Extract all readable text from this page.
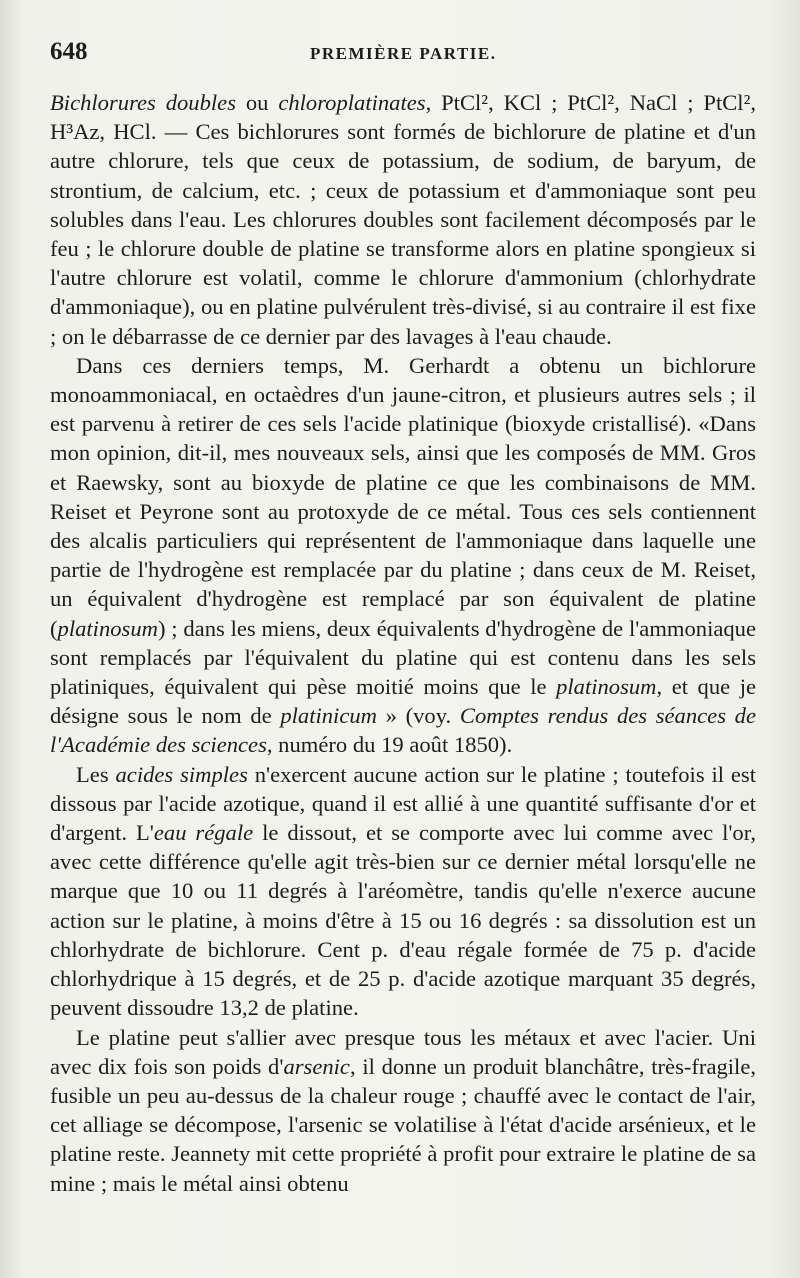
648	PREMIÈRE PARTIE.

Bichlorures doubles ou chloroplatinates, PtCl², KCl ; PtCl², NaCl ; PtCl², H³Az, HCl. — Ces bichlorures sont formés de bichlorure de platine et d'un autre chlorure, tels que ceux de potassium, de sodium, de baryum, de strontium, de calcium, etc. ; ceux de potassium et d'ammoniaque sont peu solubles dans l'eau. Les chlorures doubles sont facilement décomposés par le feu ; le chlorure double de platine se transforme alors en platine spongieux si l'autre chlorure est volatil, comme le chlorure d'ammonium (chlorhydrate d'ammoniaque), ou en platine pulvérulent très-divisé, si au contraire il est fixe ; on le débarrasse de ce dernier par des lavages à l'eau chaude.

Dans ces derniers temps, M. Gerhardt a obtenu un bichlorure monoammoniacal, en octaèdres d'un jaune-citron, et plusieurs autres sels ; il est parvenu à retirer de ces sels l'acide platinique (bioxyde cristallisé). «Dans mon opinion, dit-il, mes nouveaux sels, ainsi que les composés de MM. Gros et Raewsky, sont au bioxyde de platine ce que les combinaisons de MM. Reiset et Peyrone sont au protoxyde de ce métal. Tous ces sels contiennent des alcalis particuliers qui représentent de l'ammoniaque dans laquelle une partie de l'hydrogène est remplacée par du platine ; dans ceux de M. Reiset, un équivalent d'hydrogène est remplacé par son équivalent de platine (platinosum) ; dans les miens, deux équivalents d'hydrogène de l'ammoniaque sont remplacés par l'équivalent du platine qui est contenu dans les sels platiniques, équivalent qui pèse moitié moins que le platinosum, et que je désigne sous le nom de platinicum » (voy. Comptes rendus des séances de l'Académie des sciences, numéro du 19 août 1850).

Les acides simples n'exercent aucune action sur le platine ; toutefois il est dissous par l'acide azotique, quand il est allié à une quantité suffisante d'or et d'argent. L'eau régale le dissout, et se comporte avec lui comme avec l'or, avec cette différence qu'elle agit très-bien sur ce dernier métal lorsqu'elle ne marque que 10 ou 11 degrés à l'aréomètre, tandis qu'elle n'exerce aucune action sur le platine, à moins d'être à 15 ou 16 degrés : sa dissolution est un chlorhydrate de bichlorure. Cent p. d'eau régale formée de 75 p. d'acide chlorhydrique à 15 degrés, et de 25 p. d'acide azotique marquant 35 degrés, peuvent dissoudre 13,2 de platine.

Le platine peut s'allier avec presque tous les métaux et avec l'acier. Uni avec dix fois son poids d'arsenic, il donne un produit blanchâtre, très-fragile, fusible un peu au-dessus de la chaleur rouge ; chauffé avec le contact de l'air, cet alliage se décompose, l'arsenic se volatilise à l'état d'acide arsénieux, et le platine reste. Jeannety mit cette propriété à profit pour extraire le platine de sa mine ; mais le métal ainsi obtenu
